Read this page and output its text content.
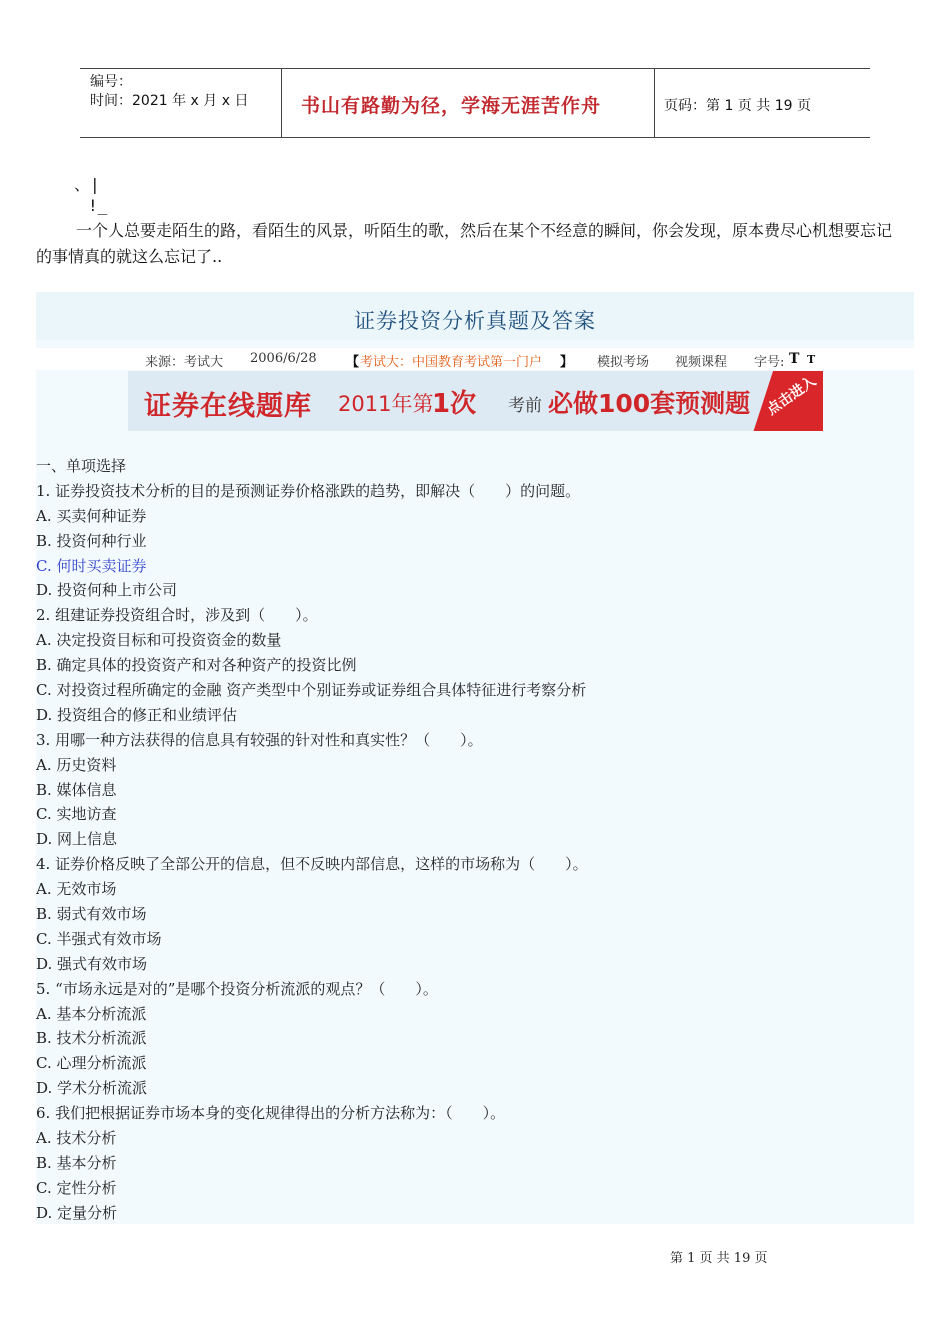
编号：
时间：2021 年 x 月 x 日	书山有路勤为径，学海无涯苦作舟	页码：第 1 页 共 19 页
、|
!_
一个人总要走陌生的路，看陌生的风景，听陌生的歌，然后在某个不经意的瞬间，你会发现，原本费尽心机想要忘记的事情真的就这么忘记了..
证券投资分析真题及答案
来源：考试大 2006/6/28 【 考试大：中国教育考试第一门户 】 模拟考场 视频课程 字号: T T
证券在线题库 2011年第
1次 考前 必做100套预测题 点击进入
一、单项选择
1. 证券投资技术分析的目的是预测证券价格涨跌的趋势，即解决（　　）的问题。
A. 买卖何种证券
B. 投资何种行业
C. 何时买卖证券
D. 投资何种上市公司
2. 组建证券投资组合时，涉及到（　　）。
A. 决定投资目标和可投资资金的数量
B. 确定具体的投资资产和对各种资产的投资比例
C. 对投资过程所确定的金融 资产类型中个别证券或证券组合具体特征进行考察分析
D. 投资组合的修正和业绩评估
3. 用哪一种方法获得的信息具有较强的针对性和真实性？（　　）。
A. 历史资料
B. 媒体信息
C. 实地访查
D. 网上信息
4. 证券价格反映了全部公开的信息，但不反映内部信息，这样的市场称为（　　）。
A. 无效市场
B. 弱式有效市场
C. 半强式有效市场
D. 强式有效市场
5. “市场永远是对的”是哪个投资分析流派的观点？（　　）。
A. 基本分析流派
B. 技术分析流派
C. 心理分析流派
D. 学术分析流派
6. 我们把根据证券市场本身的变化规律得出的分析方法称为：（　　）。
A. 技术分析
B. 基本分析
C. 定性分析
D. 定量分析
第 1 页 共 19 页
